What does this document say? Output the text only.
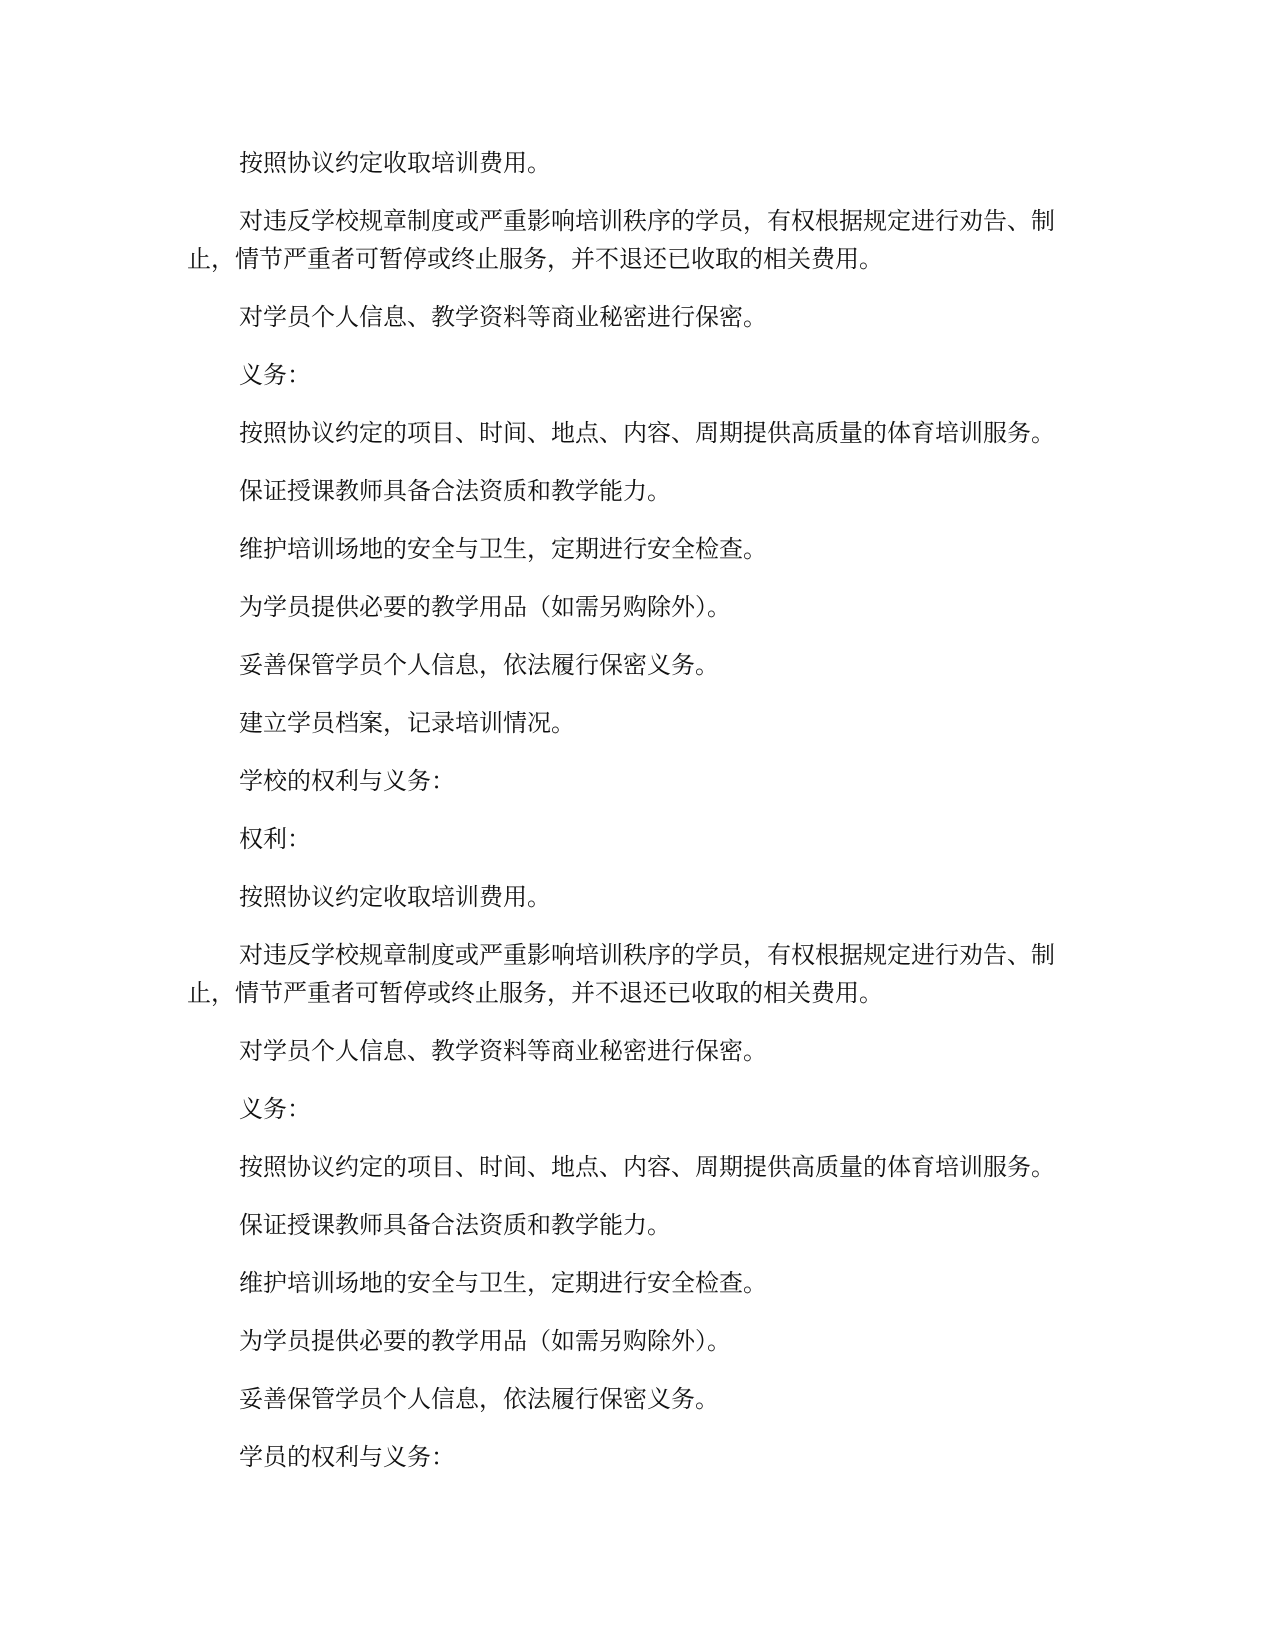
按照协议约定收取培训费用。

对违反学校规章制度或严重影响培训秩序的学员，有权根据规定进行劝告、制止，情节严重者可暂停或终止服务，并不退还已收取的相关费用。

对学员个人信息、教学资料等商业秘密进行保密。

义务：

按照协议约定的项目、时间、地点、内容、周期提供高质量的体育培训服务。

保证授课教师具备合法资质和教学能力。

维护培训场地的安全与卫生，定期进行安全检查。

为学员提供必要的教学用品（如需另购除外）。

妥善保管学员个人信息，依法履行保密义务。

建立学员档案，记录培训情况。

学校的权利与义务：

权利：

按照协议约定收取培训费用。

对违反学校规章制度或严重影响培训秩序的学员，有权根据规定进行劝告、制止，情节严重者可暂停或终止服务，并不退还已收取的相关费用。

对学员个人信息、教学资料等商业秘密进行保密。

义务：

按照协议约定的项目、时间、地点、内容、周期提供高质量的体育培训服务。

保证授课教师具备合法资质和教学能力。

维护培训场地的安全与卫生，定期进行安全检查。

为学员提供必要的教学用品（如需另购除外）。

妥善保管学员个人信息，依法履行保密义务。

学员的权利与义务：
